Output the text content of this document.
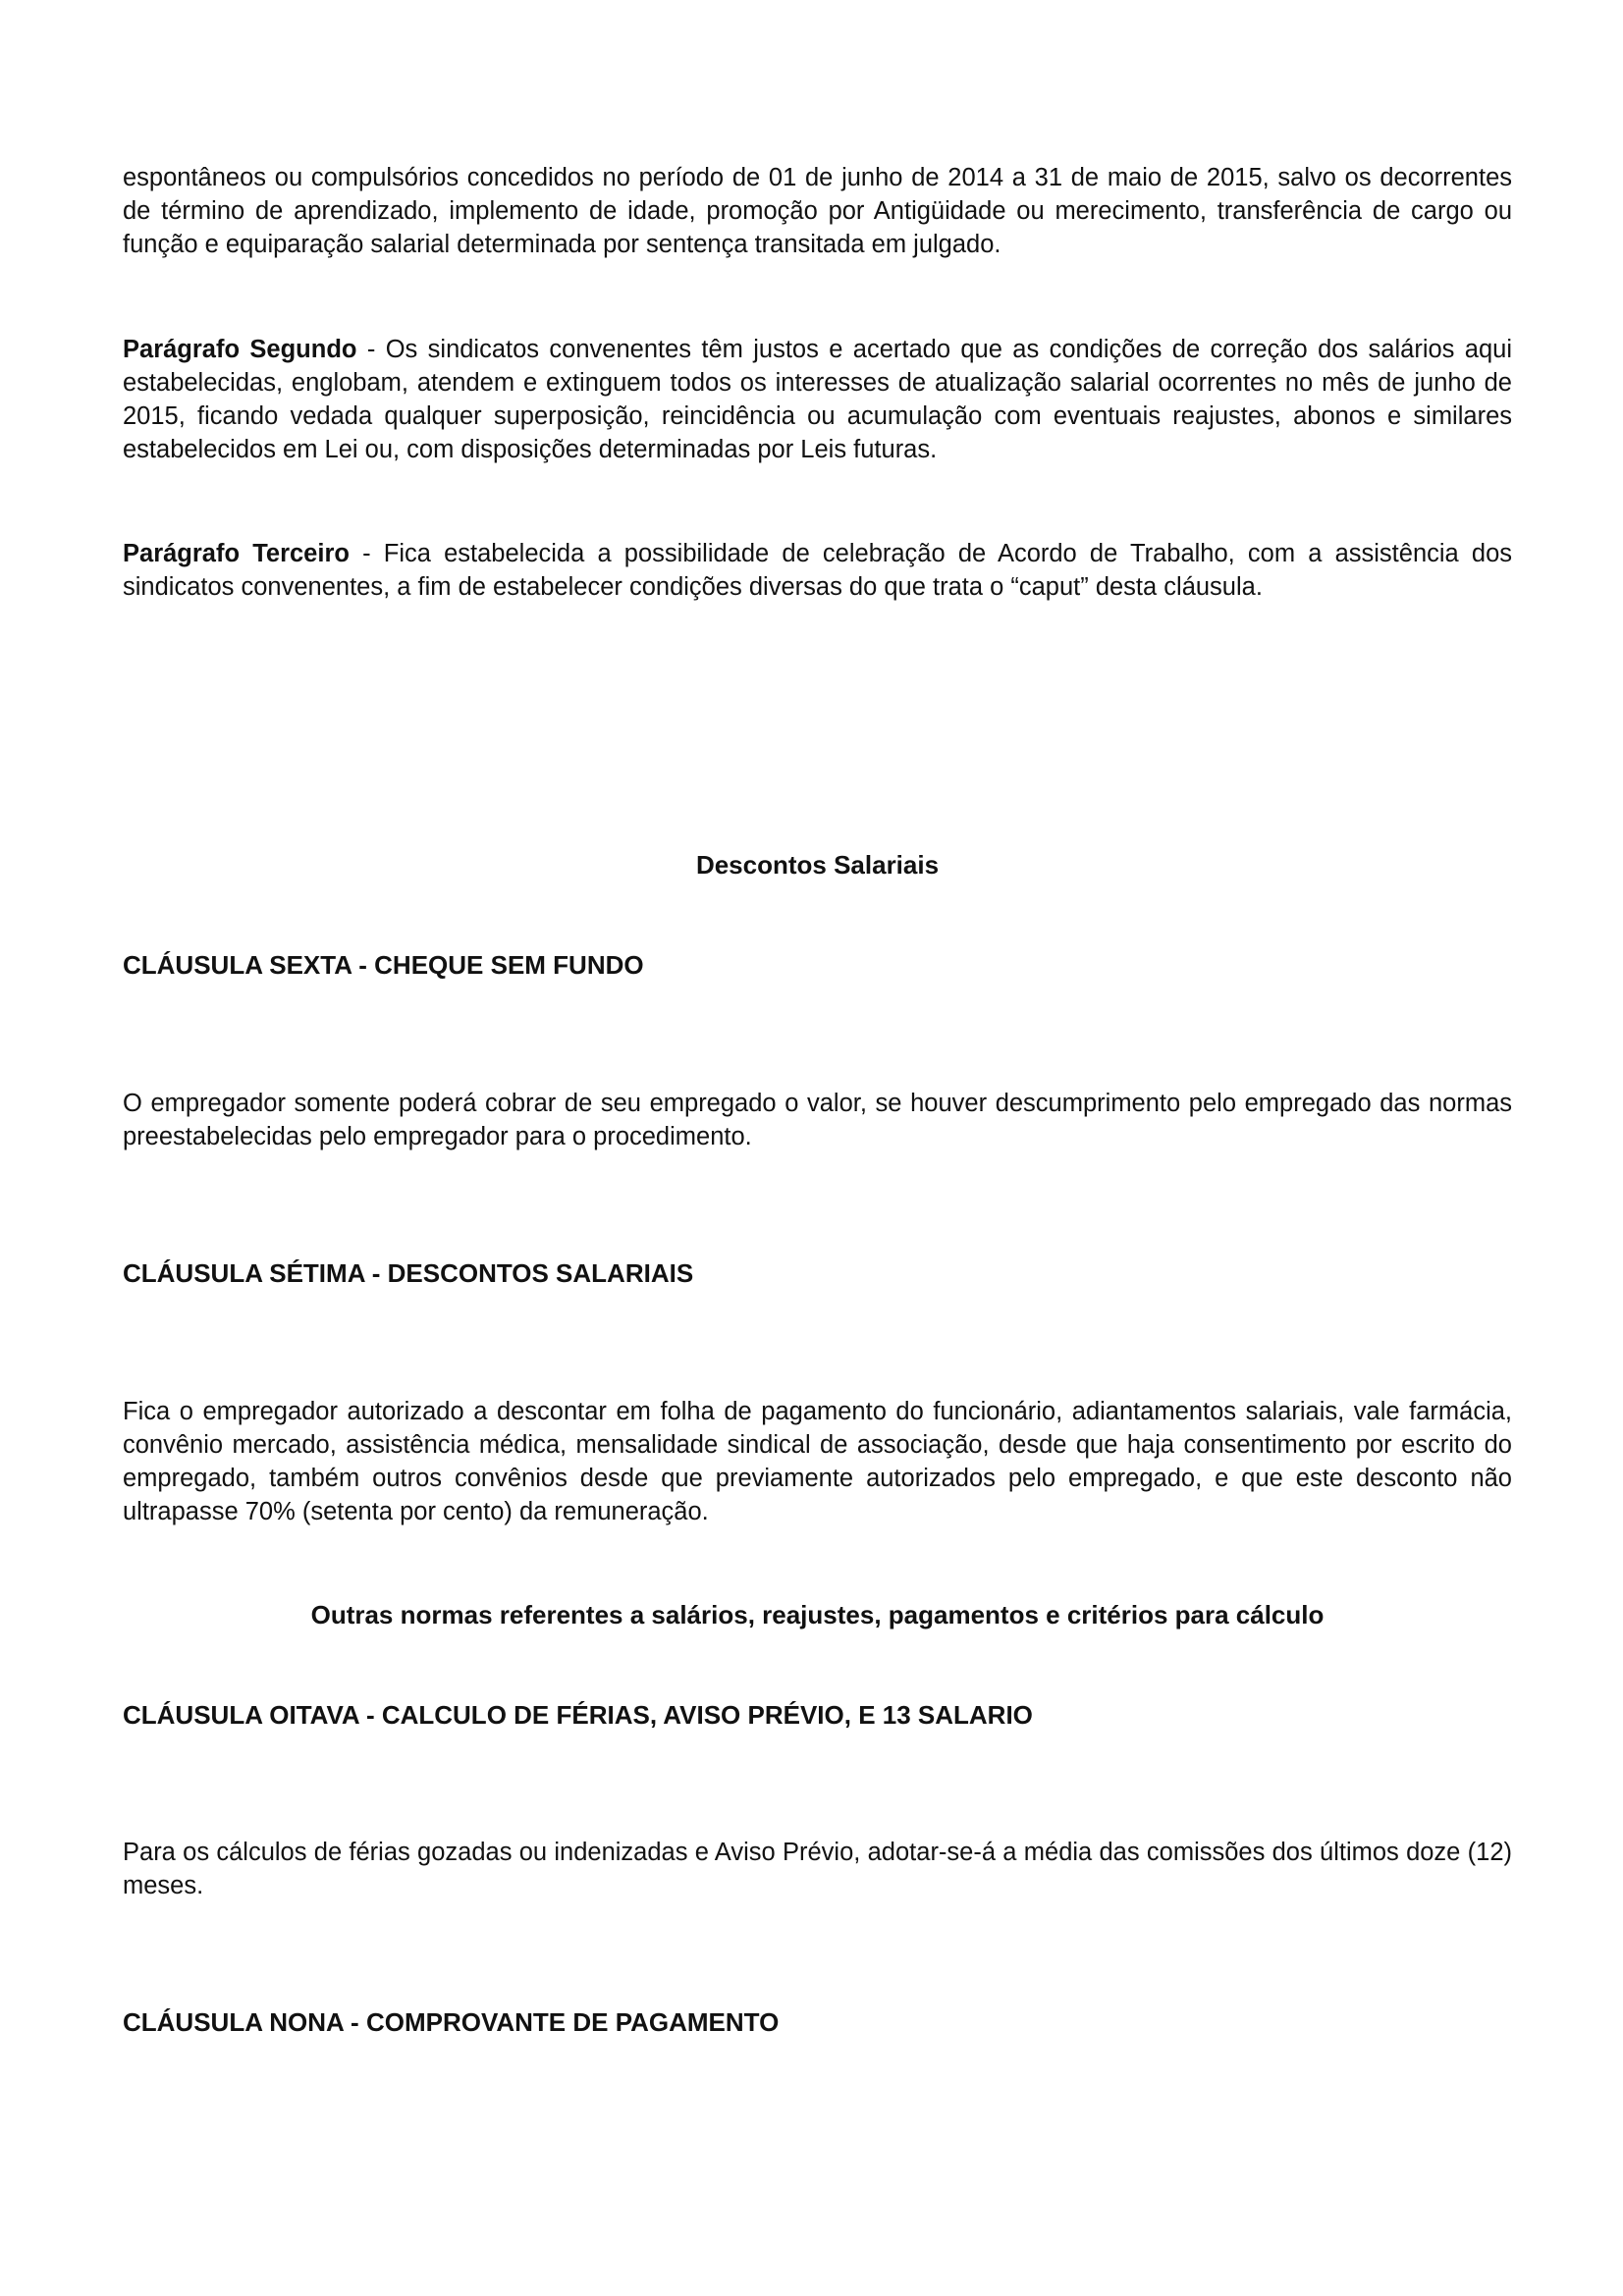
espontâneos ou compulsórios concedidos no período de 01 de junho de 2014 a 31 de maio de 2015, salvo os decorrentes de término de aprendizado, implemento de idade, promoção por Antigüidade ou merecimento, transferência de cargo ou função e equiparação salarial determinada por sentença transitada em julgado.

Parágrafo Segundo - Os sindicatos convenentes têm justos e acertado que as condições de correção dos salários aqui estabelecidas, englobam, atendem e extinguem todos os interesses de atualização salarial ocorrentes no mês de junho de 2015, ficando vedada qualquer superposição, reincidência ou acumulação com eventuais reajustes, abonos e similares estabelecidos em Lei ou, com disposições determinadas por Leis futuras.

Parágrafo Terceiro - Fica estabelecida a possibilidade de celebração de Acordo de Trabalho, com a assistência dos sindicatos convenentes, a fim de estabelecer condições diversas do que trata o “caput” desta cláusula.

Descontos Salariais
CLÁUSULA SEXTA - CHEQUE SEM FUNDO

O empregador somente poderá cobrar de seu empregado o valor, se houver descumprimento pelo empregado das normas preestabelecidas pelo empregador para o procedimento.

CLÁUSULA SÉTIMA - DESCONTOS SALARIAIS

Fica o empregador autorizado a descontar em folha de pagamento do funcionário, adiantamentos salariais, vale farmácia, convênio mercado, assistência médica, mensalidade sindical de associação, desde que haja consentimento por escrito do empregado, também outros convênios desde que previamente autorizados pelo empregado, e que este desconto não ultrapasse 70% (setenta por cento) da remuneração.

Outras normas referentes a salários, reajustes, pagamentos e critérios para cálculo
CLÁUSULA OITAVA - CALCULO DE FÉRIAS, AVISO PRÉVIO, E 13 SALARIO

Para os cálculos de férias gozadas ou indenizadas e Aviso Prévio, adotar-se-á a média das comissões dos últimos doze (12) meses.

CLÁUSULA NONA - COMPROVANTE DE PAGAMENTO
